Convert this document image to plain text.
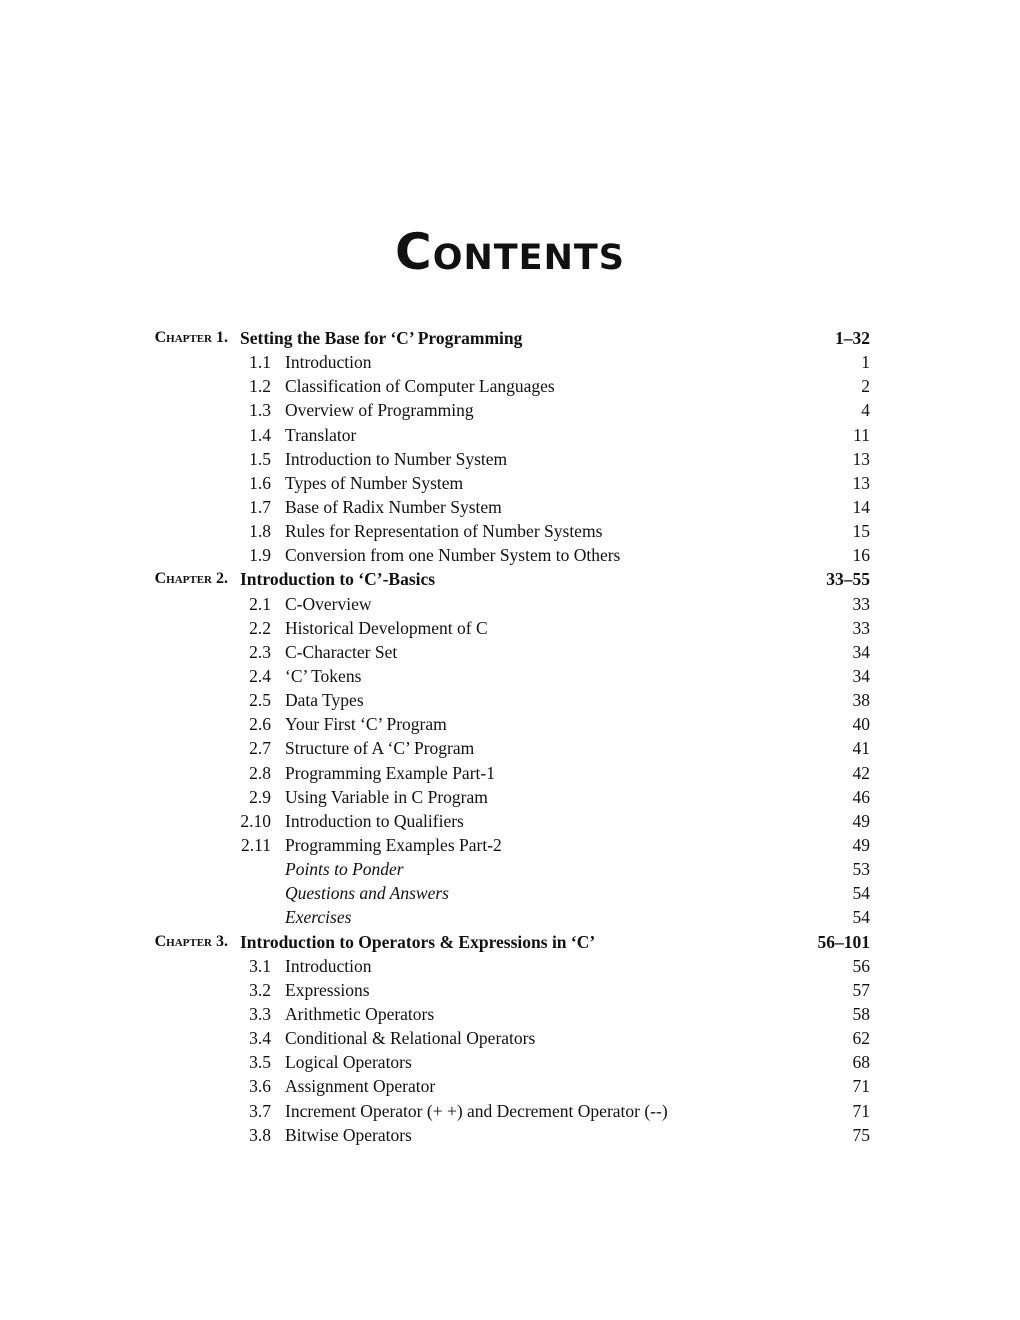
Contents
Chapter 1. Setting the Base for ‘C’ Programming	1–32
1.1 Introduction	1
1.2 Classification of Computer Languages	2
1.3 Overview of Programming	4
1.4 Translator	11
1.5 Introduction to Number System	13
1.6 Types of Number System	13
1.7 Base of Radix Number System	14
1.8 Rules for Representation of Number Systems	15
1.9 Conversion from one Number System to Others	16
Chapter 2. Introduction to ‘C’-Basics	33–55
2.1 C-Overview	33
2.2 Historical Development of C	33
2.3 C-Character Set	34
2.4 ‘C’ Tokens	34
2.5 Data Types	38
2.6 Your First ‘C’ Program	40
2.7 Structure of A ‘C’ Program	41
2.8 Programming Example Part-1	42
2.9 Using Variable in C Program	46
2.10 Introduction to Qualifiers	49
2.11 Programming Examples Part-2	49
Points to Ponder	53
Questions and Answers	54
Exercises	54
Chapter 3. Introduction to Operators & Expressions in ‘C’	56–101
3.1 Introduction	56
3.2 Expressions	57
3.3 Arithmetic Operators	58
3.4 Conditional & Relational Operators	62
3.5 Logical Operators	68
3.6 Assignment Operator	71
3.7 Increment Operator (+ +) and Decrement Operator (--)	71
3.8 Bitwise Operators	75
